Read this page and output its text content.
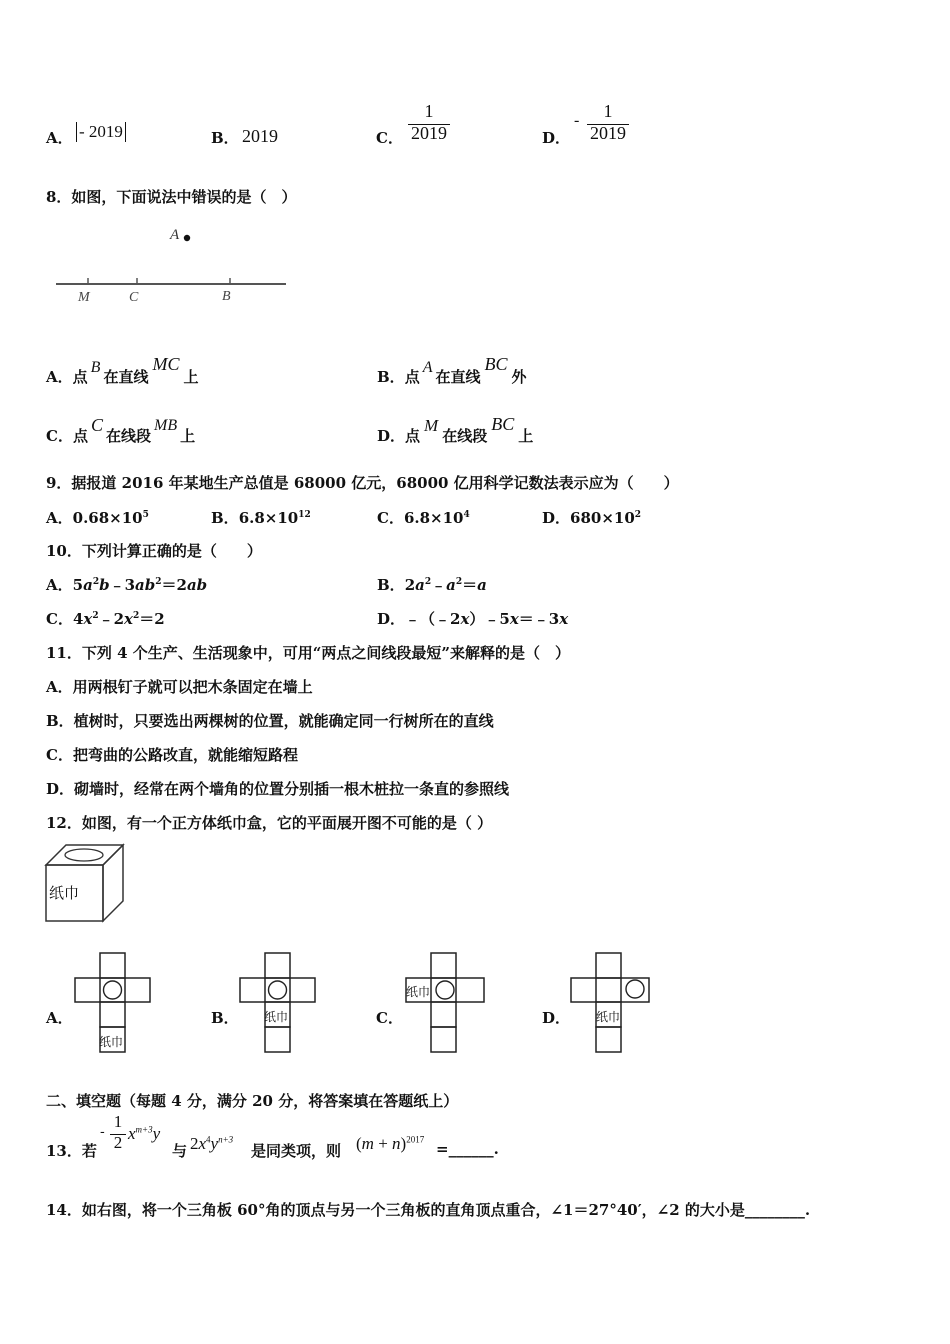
A． - 2019	B． 2019	C．
1
2019	D．
-	1
2019
8．如图，下面说法中错误的是（　）
A
M	C	B
A．点B在直线MC上	B．点A在直线BC外
C．点C在线段MB上	D．点M在线段BC上
9．据报道 2016 年某地生产总值是 68000 亿元，68000 亿用科学记数法表示应为（　　）
A．$0.68\times 10^5$	B．$6.8\times 10^{12}$	C．$6.8\times 10^4$	D．$680\times 10^2$
10．下列计算正确的是（　　）
A．$5a^2b﹣3ab^2=2ab$	B．$2a^2﹣a^2=a$
C．$4x^2﹣2x^2=2$	D．﹣（﹣2x）﹣5x＝﹣3x
11．下列 4 个生产、生活现象中，可用“两点之间线段最短”来解释的是（　）
A．用两根钉子就可以把木条固定在墙上
B．植树时，只要选出两棵树的位置，就能确定同一行树所在的直线
C．把弯曲的公路改直，就能缩短路程
D．砌墙时，经常在两个墙角的位置分别插一根木桩拉一条直的参照线
12．如图，有一个正方体纸巾盒，它的平面展开图不可能的是（ ）
纸巾
A．
纸巾
B． 纸巾	C．
纸巾
D． 纸巾
二、填空题（每题 4 分，满分 20 分，将答案填在答题纸上）
13．若
-
1
2 $x^{m+3}y$
与 $2x^4y^{n+3}$
是同类项，则 $(m + n)^{2017}$
=______.
14．如右图，将一个三角板 60°角的顶点与另一个三角板的直角顶点重合，∠1＝27°40′，∠2 的大小是________.
